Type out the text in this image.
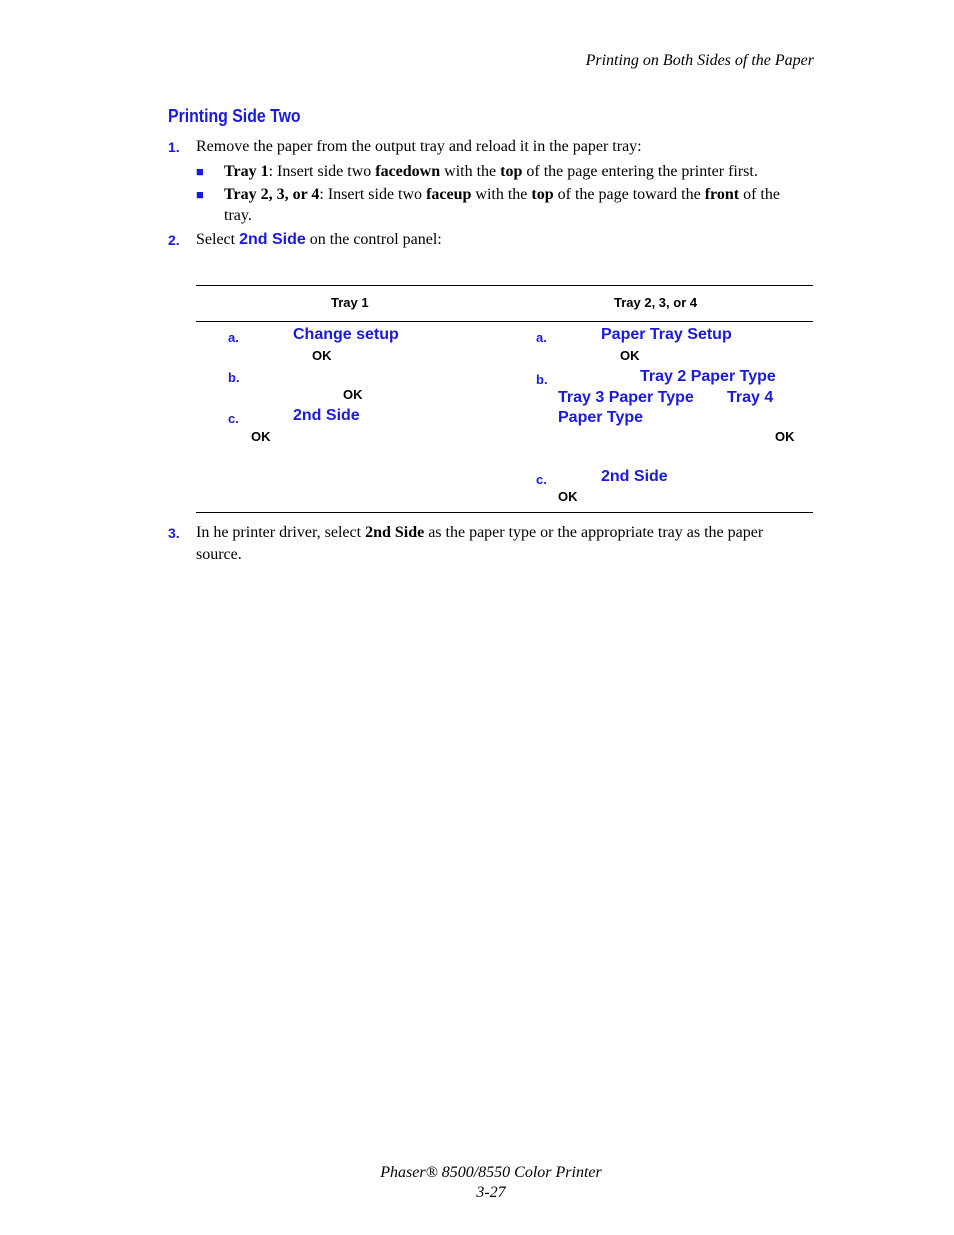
Printing on Both Sides of the Paper
Printing Side Two
1. Remove the paper from the output tray and reload it in the paper tray:
■ Tray 1: Insert side two facedown with the top of the page entering the printer first.
■ Tray 2, 3, or 4: Insert side two faceup with the top of the page toward the front of the
tray.
2. Select 2nd Side on the control panel:
Tray 1	Tray 2, 3, or 4
a.	Change setup
OK
b.
OK
c.	2nd Side
OK
a.	Paper Tray Setup
OK
b.	Tray 2 Paper Type
Tray 3 Paper Type Tray 4
Paper Type
OK
c.	2nd Side
OK
3. In he printer driver, select 2nd Side as the paper type or the appropriate tray as the paper
source.
Phaser® 8500/8550 Color Printer
3-27
